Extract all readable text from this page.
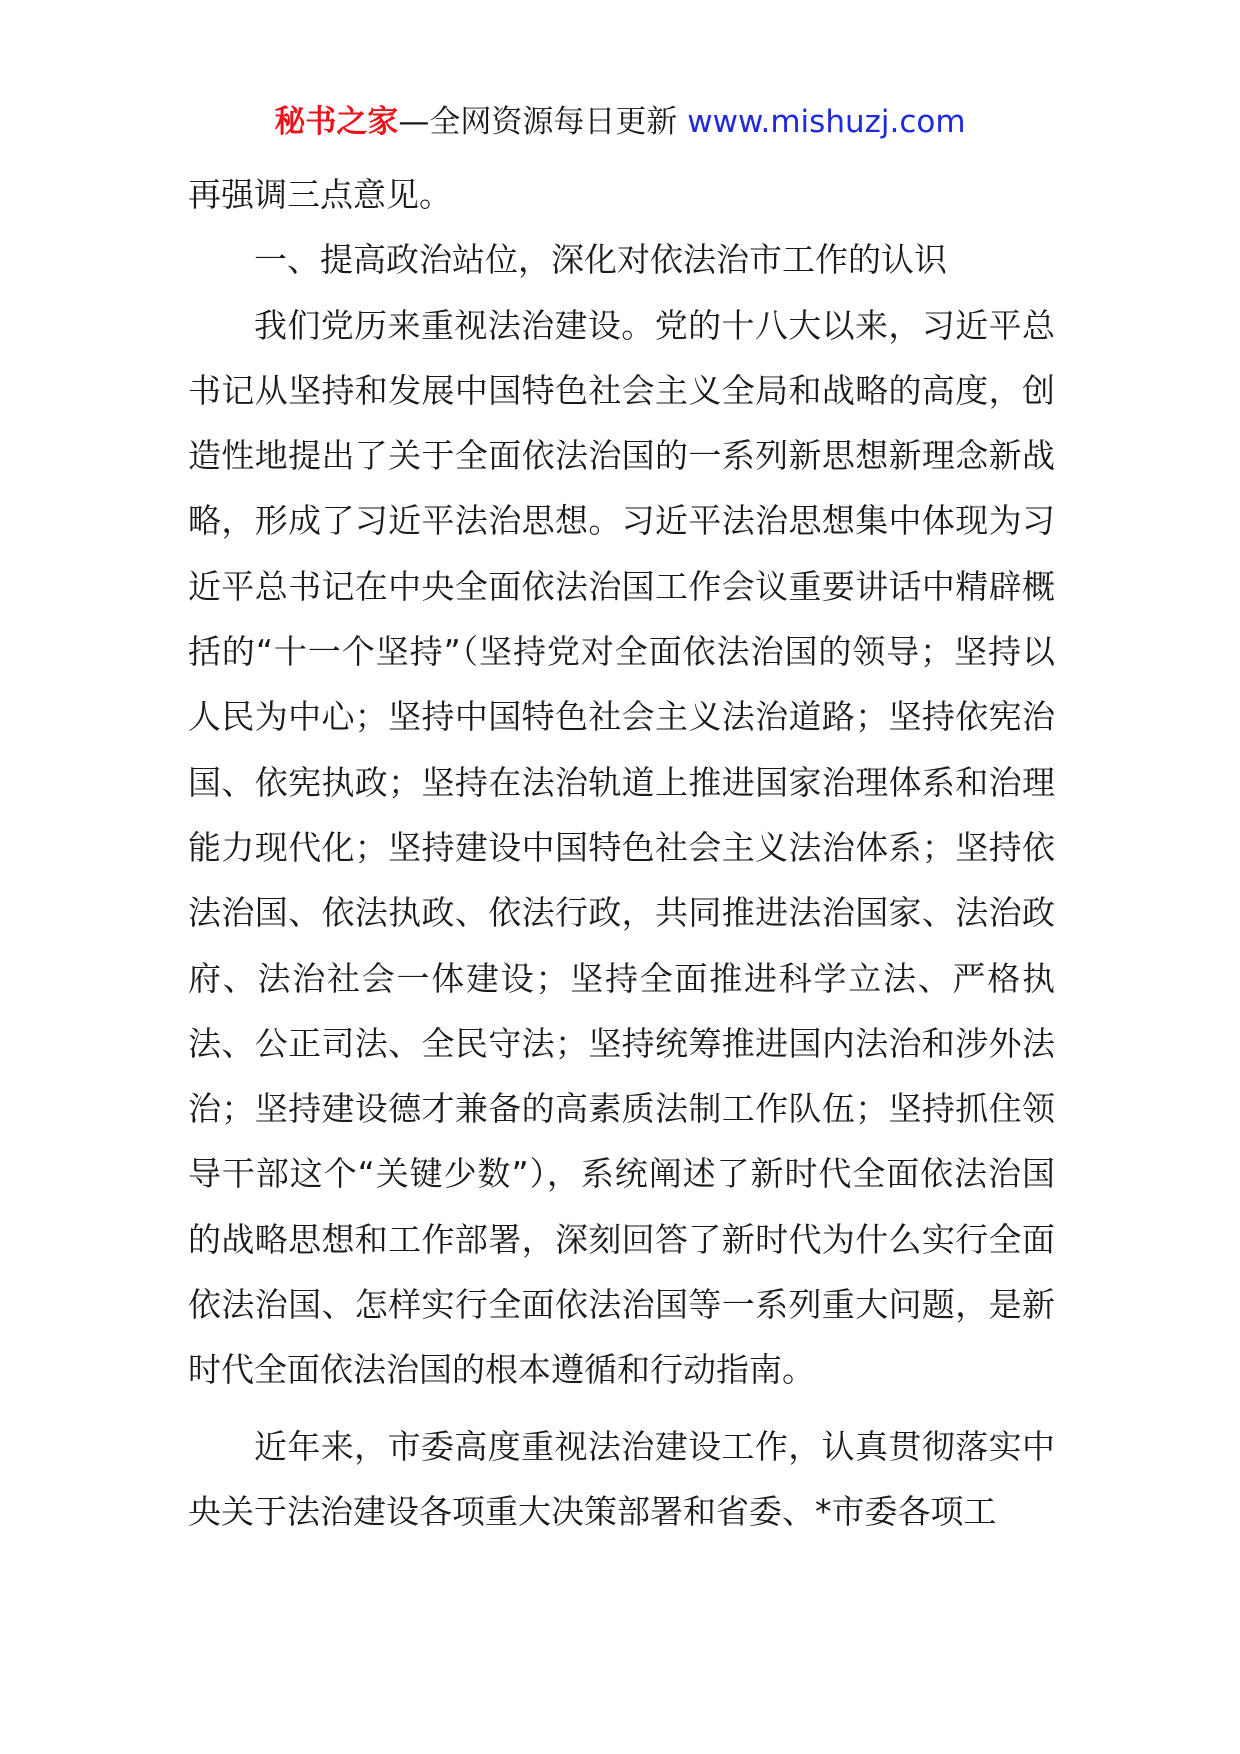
秘书之家—全网资源每日更新 www.mishuzj.com

再强调三点意见。

一、提高政治站位，深化对依法治市工作的认识

我们党历来重视法治建设。党的十八大以来，习近平总书记从坚持和发展中国特色社会主义全局和战略的高度，创造性地提出了关于全面依法治国的一系列新思想新理念新战略，形成了习近平法治思想。习近平法治思想集中体现为习近平总书记在中央全面依法治国工作会议重要讲话中精辟概括的“十一个坚持”（坚持党对全面依法治国的领导；坚持以人民为中心；坚持中国特色社会主义法治道路；坚持依宪治国、依宪执政；坚持在法治轨道上推进国家治理体系和治理能力现代化；坚持建设中国特色社会主义法治体系；坚持依法治国、依法执政、依法行政，共同推进法治国家、法治政府、法治社会一体建设；坚持全面推进科学立法、严格执法、公正司法、全民守法；坚持统筹推进国内法治和涉外法治；坚持建设德才兼备的高素质法制工作队伍；坚持抓住领导干部这个“关键少数”），系统阐述了新时代全面依法治国的战略思想和工作部署，深刻回答了新时代为什么实行全面依法治国、怎样实行全面依法治国等一系列重大问题，是新时代全面依法治国的根本遵循和行动指南。

近年来，市委高度重视法治建设工作，认真贯彻落实中央关于法治建设各项重大决策部署和省委、*市委各项工
